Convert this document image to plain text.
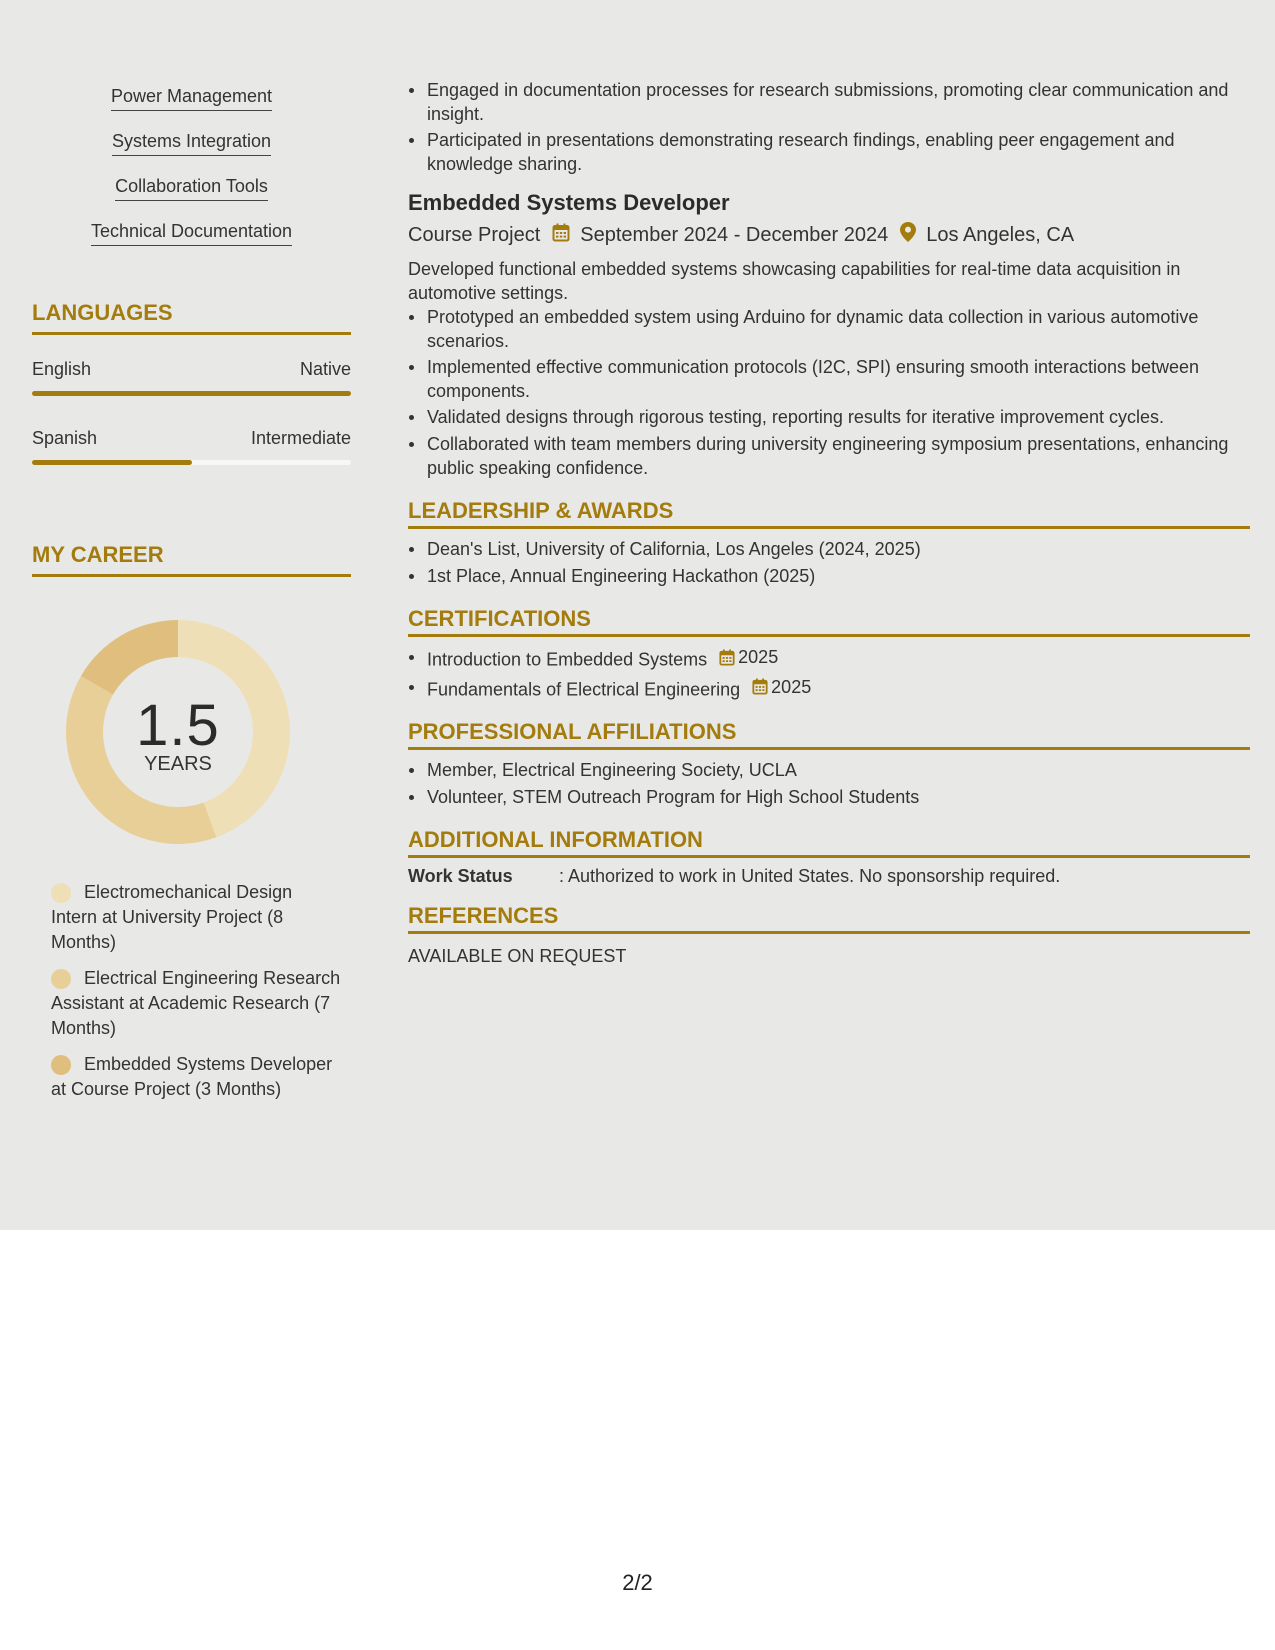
Power Management
Systems Integration
Collaboration Tools
Technical Documentation
LANGUAGES
English	Native
Spanish	Intermediate
MY CAREER
1.5
YEARS
Electromechanical Design Intern at University Project (8 Months)
Electrical Engineering Research Assistant at Academic Research (7 Months)
Embedded Systems Developer at Course Project (3 Months)
Engaged in documentation processes for research submissions, promoting clear communication and insight.
Participated in presentations demonstrating research findings, enabling peer engagement and knowledge sharing.
Embedded Systems Developer
Course Project September 2024 - December 2024 Los Angeles, CA
Developed functional embedded systems showcasing capabilities for real-time data acquisition in automotive settings.
Prototyped an embedded system using Arduino for dynamic data collection in various automotive scenarios.
Implemented effective communication protocols (I2C, SPI) ensuring smooth interactions between components.
Validated designs through rigorous testing, reporting results for iterative improvement cycles.
Collaborated with team members during university engineering symposium presentations, enhancing public speaking confidence.
LEADERSHIP & AWARDS
Dean's List, University of California, Los Angeles (2024, 2025)
1st Place, Annual Engineering Hackathon (2025)
CERTIFICATIONS
Introduction to Embedded Systems 2025
Fundamentals of Electrical Engineering 2025
PROFESSIONAL AFFILIATIONS
Member, Electrical Engineering Society, UCLA
Volunteer, STEM Outreach Program for High School Students
ADDITIONAL INFORMATION
Work Status	: Authorized to work in United States. No sponsorship required.
REFERENCES
AVAILABLE ON REQUEST
2/2
